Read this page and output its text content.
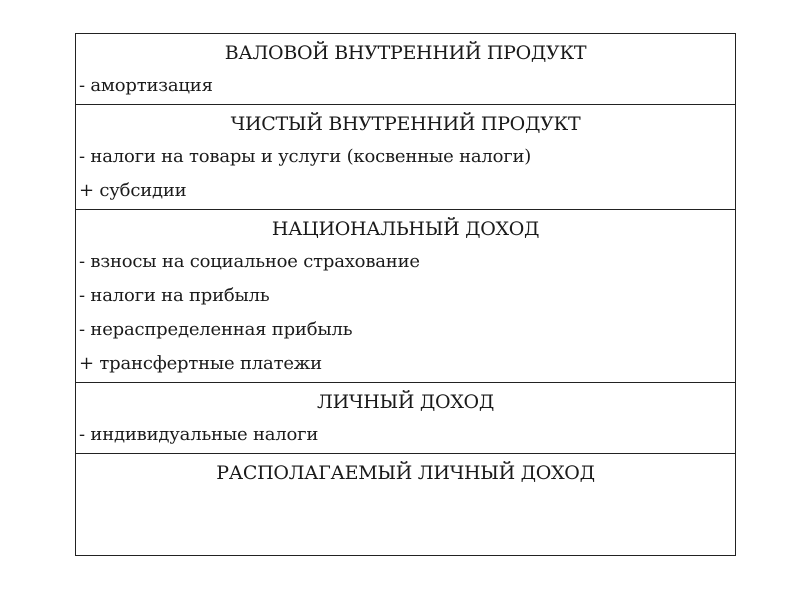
ВАЛОВОЙ ВНУТРЕННИЙ ПРОДУКТ
- амортизация
ЧИСТЫЙ ВНУТРЕННИЙ ПРОДУКТ
- налоги на товары и услуги (косвенные налоги)
+ субсидии
НАЦИОНАЛЬНЫЙ ДОХОД
- взносы на социальное страхование
- налоги на прибыль
- нераспределенная прибыль
+ трансфертные платежи
ЛИЧНЫЙ ДОХОД
- индивидуальные налоги
РАСПОЛАГАЕМЫЙ ЛИЧНЫЙ ДОХОД
